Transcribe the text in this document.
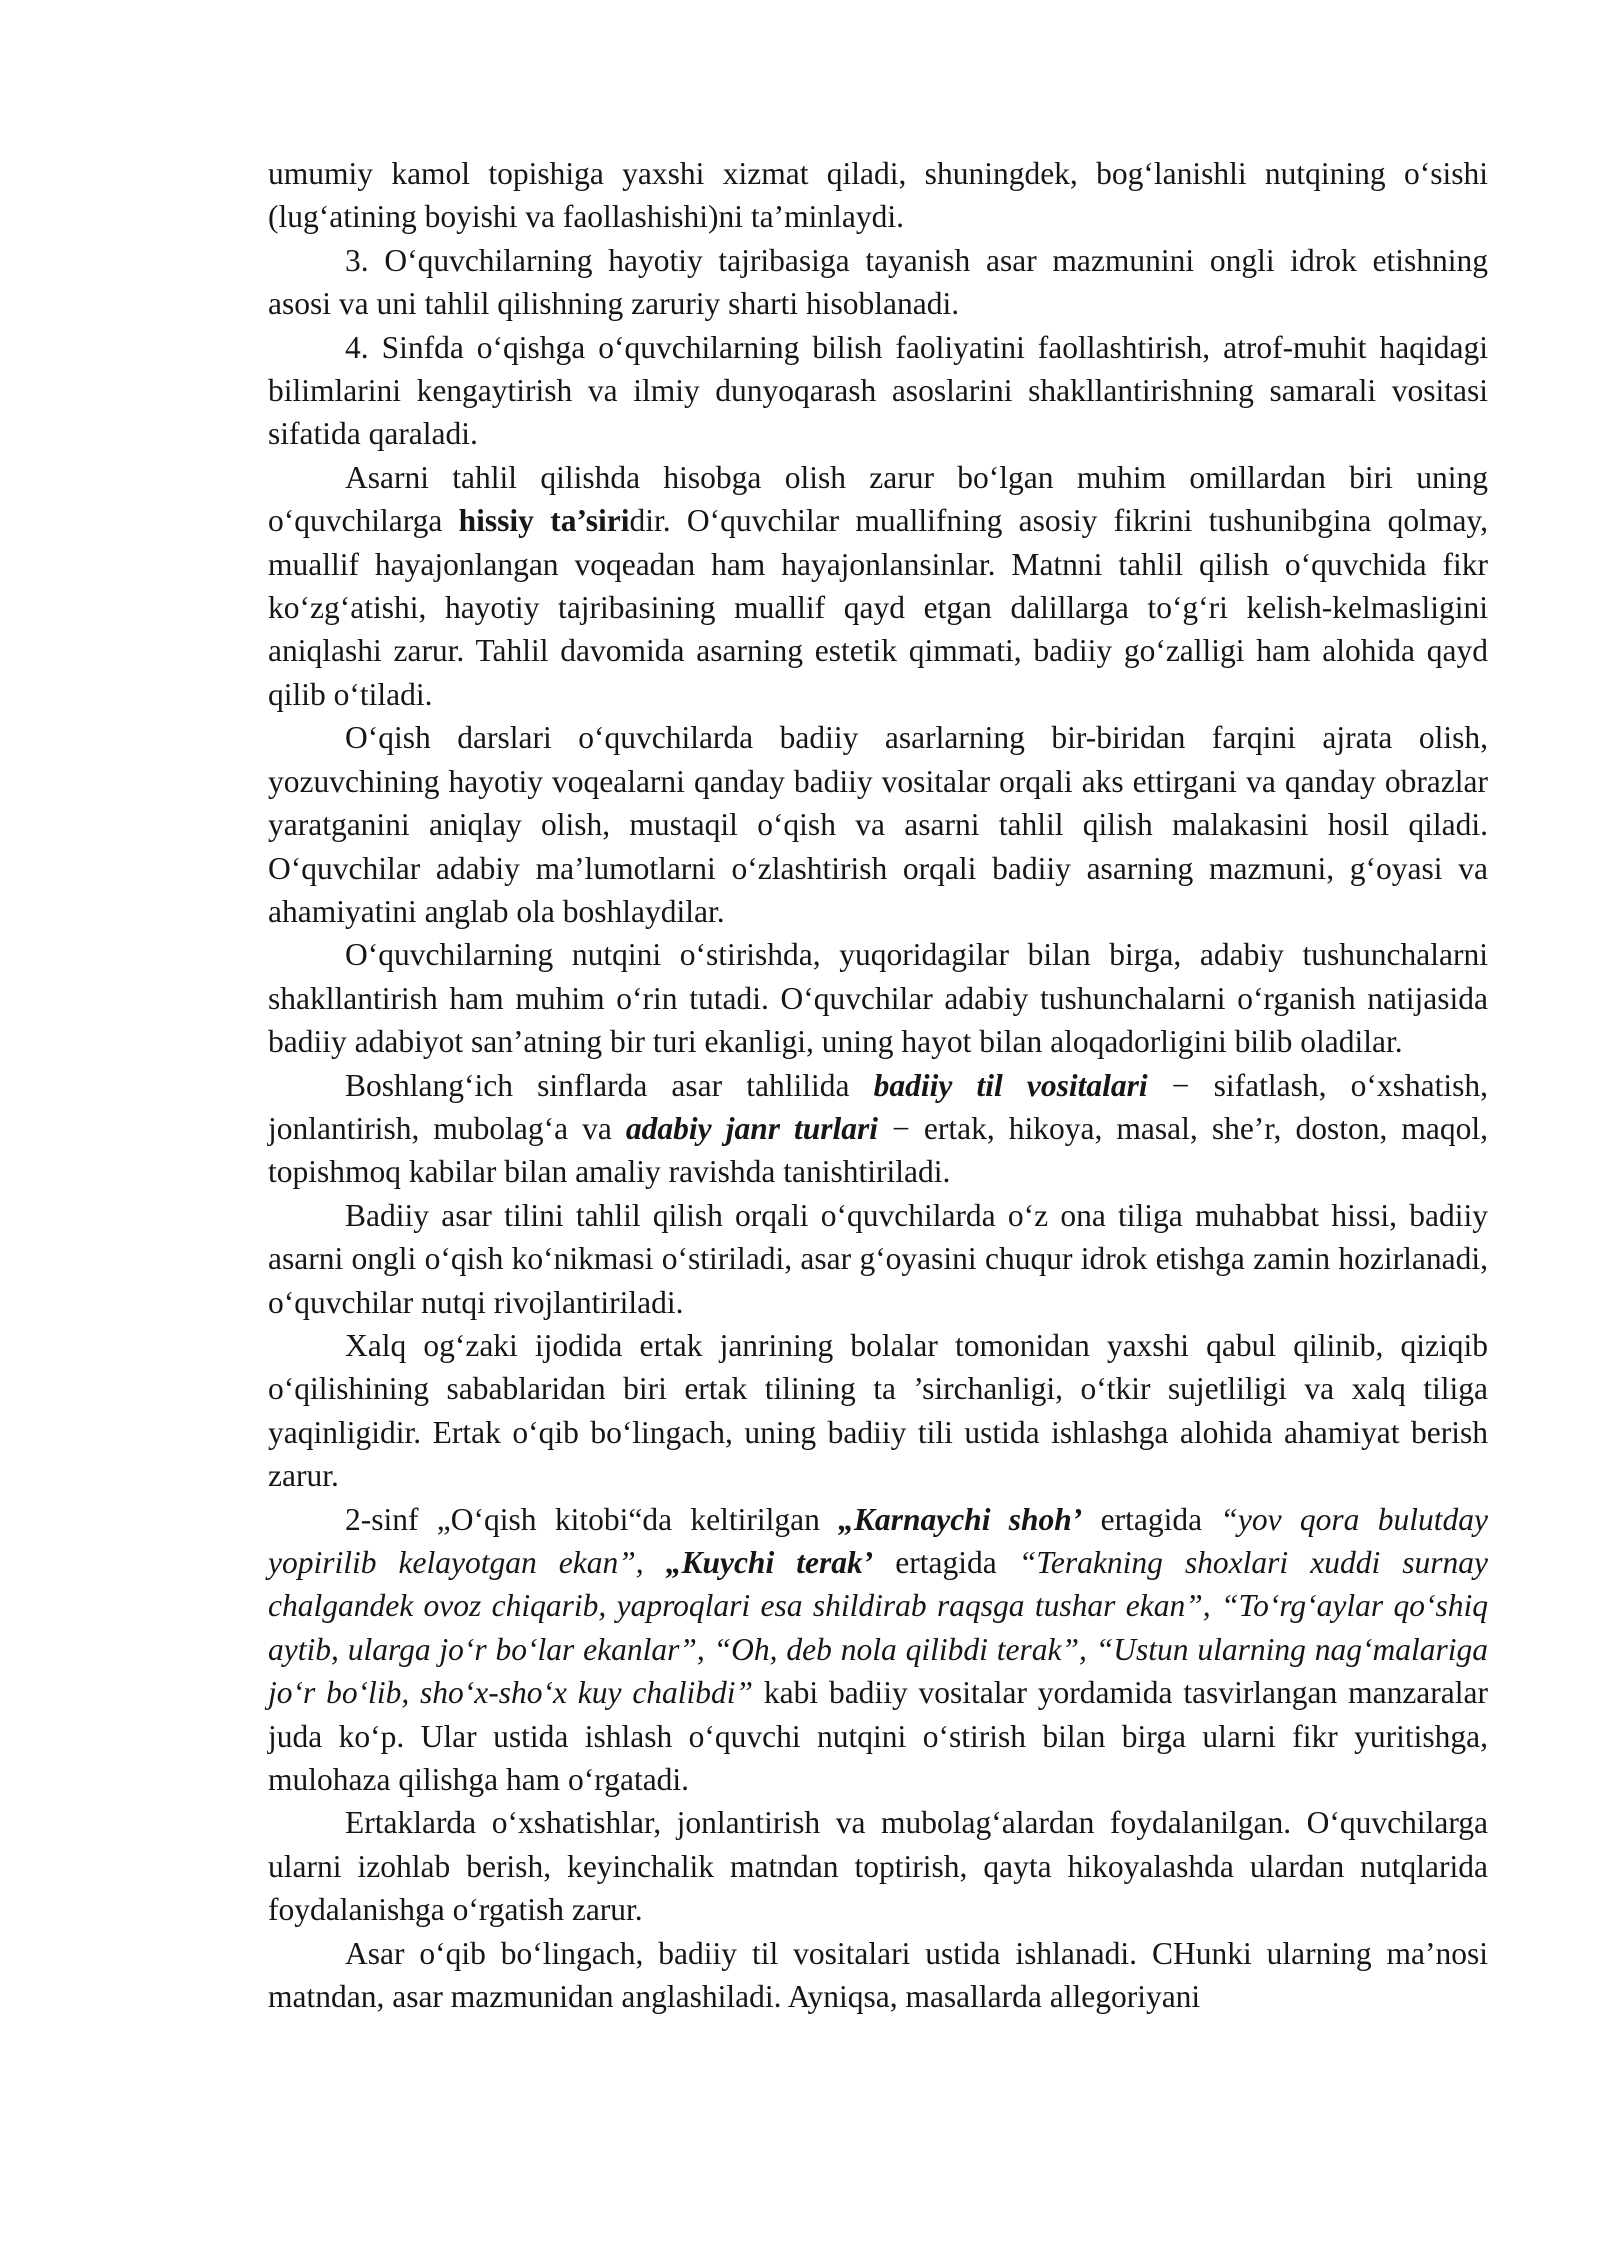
umumiy kamol topishiga yaxshi xizmat qiladi, shuningdek, bog‘lanishli nutqining o‘sishi (lug‘atining boyishi va faollashishi)ni ta’minlaydi.

3. O‘quvchilarning hayotiy tajribasiga tayanish asar mazmunini ongli idrok etishning asosi va uni tahlil qilishning zaruriy sharti hisoblanadi.

4. Sinfda o‘qishga o‘quvchilarning bilish faoliyatini faollashtirish, atrof-muhit haqidagi bilimlarini kengaytirish va ilmiy dunyoqarash asoslarini shakllantirishning samarali vositasi sifatida qaraladi.

Asarni tahlil qilishda hisobga olish zarur bo‘lgan muhim omillardan biri uning o‘quvchilarga hissiy ta’siridir. O‘quvchilar muallifning asosiy fikrini tushunibgina qolmay, muallif hayajonlangan voqeadan ham hayajonlansinlar. Matnni tahlil qilish o‘quvchida fikr ko‘zg‘atishi, hayotiy tajribasining muallif qayd etgan dalillarga to‘g‘ri kelish-kelmasligini aniqlashi zarur. Tahlil davomida asarning estetik qimmati, badiiy go‘zalligi ham alohida qayd qilib o‘tiladi.

O‘qish darslari o‘quvchilarda badiiy asarlarning bir-biridan farqini ajrata olish, yozuvchining hayotiy voqealarni qanday badiiy vositalar orqali aks ettirgani va qanday obrazlar yaratganini aniqlay olish, mustaqil o‘qish va asarni tahlil qilish malakasini hosil qiladi. O‘quvchilar adabiy ma’lumotlarni o‘zlashtirish orqali badiiy asarning mazmuni, g‘oyasi va ahamiyatini anglab ola boshlaydilar.

O‘quvchilarning nutqini o‘stirishda, yuqoridagilar bilan birga, adabiy tushunchalarni shakllantirish ham muhim o‘rin tutadi. O‘quvchilar adabiy tushunchalarni o‘rganish natijasida badiiy adabiyot san’atning bir turi ekanligi, uning hayot bilan aloqadorligini bilib oladilar.

Boshlang‘ich sinflarda asar tahlilida badiiy til vositalari − sifatlash, o‘xshatish, jonlantirish, mubolag‘a va adabiy janr turlari − ertak, hikoya, masal, she’r, doston, maqol, topishmoq kabilar bilan amaliy ravishda tanishtiriladi.

Badiiy asar tilini tahlil qilish orqali o‘quvchilarda o‘z ona tiliga muhabbat hissi, badiiy asarni ongli o‘qish ko‘nikmasi o‘stiriladi, asar g‘oyasini chuqur idrok etishga zamin hozirlanadi, o‘quvchilar nutqi rivojlantiriladi.

Xalq og‘zaki ijodida ertak janrining bolalar tomonidan yaxshi qabul qilinib, qiziqib o‘qilishining sabablaridan biri ertak tilining ta ’sirchanligi, o‘tkir sujetliligi va xalq tiliga yaqinligidir. Ertak o‘qib bo‘lingach, uning badiiy tili ustida ishlashga alohida ahamiyat berish zarur.

2-sinf „O‘qish kitobi“da keltirilgan „Karnaychi shoh’ ertagida “yov qora bulutday yopirilib kelayotgan ekan”, „Kuychi terak’ ertagida “Terakning shoxlari xuddi surnay chalgandek ovoz chiqarib, yaproqlari esa shildirab raqsga tushar ekan”, “To‘rg‘aylar qo‘shiq aytib, ularga jo‘r bo‘lar ekanlar”, “Oh, deb nola qilibdi terak”, “Ustun ularning nag‘malariga jo‘r bo‘lib, sho‘x-sho‘x kuy chalibdi” kabi badiiy vositalar yordamida tasvirlangan manzaralar juda ko‘p. Ular ustida ishlash o‘quvchi nutqini o‘stirish bilan birga ularni fikr yuritishga, mulohaza qilishga ham o‘rgatadi.

Ertaklarda o‘xshatishlar, jonlantirish va mubolag‘alardan foydalanilgan. O‘quvchilarga ularni izohlab berish, keyinchalik matndan toptirish, qayta hikoyalashda ulardan nutqlarida foydalanishga o‘rgatish zarur.

Asar o‘qib bo‘lingach, badiiy til vositalari ustida ishlanadi. CHunki ularning ma’nosi matndan, asar mazmunidan anglashiladi. Ayniqsa, masallarda allegoriyani
